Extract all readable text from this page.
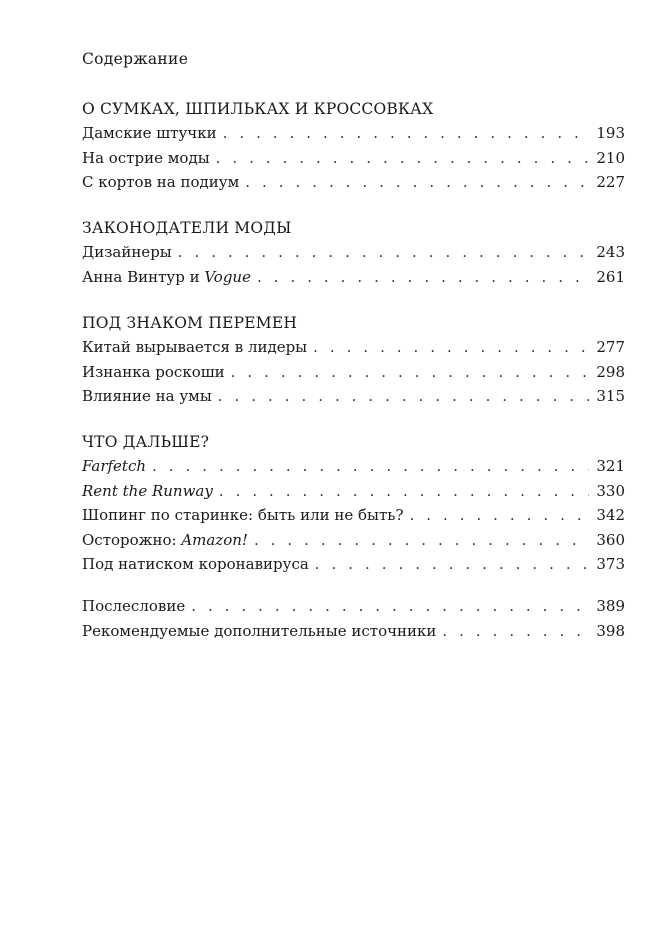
Содержание
О СУМКАХ, ШПИЛЬКАХ И КРОССОВКАХ
Дамские штучки . . .	193
На острие моды . . .	210
С кортов на подиум . . .	227
ЗАКОНОДАТЕЛИ МОДЫ
Дизайнеры . . .	243
Анна Винтур и Vogue . . .	261
ПОД ЗНАКОМ ПЕРЕМЕН
Китай вырывается в лидеры . . .	277
Изнанка роскоши . . .	298
Влияние на умы . . .	315
ЧТО ДАЛЬШЕ?
Farfetch . . .	321
Rent the Runway . . .	330
Шопинг по старинке: быть или не быть? . . .	342
Осторожно: Amazon! . . .	360
Под натиском коронавируса . . .	373
Послесловие . . .	389
Рекомендуемые дополнительные источники . . .	398
